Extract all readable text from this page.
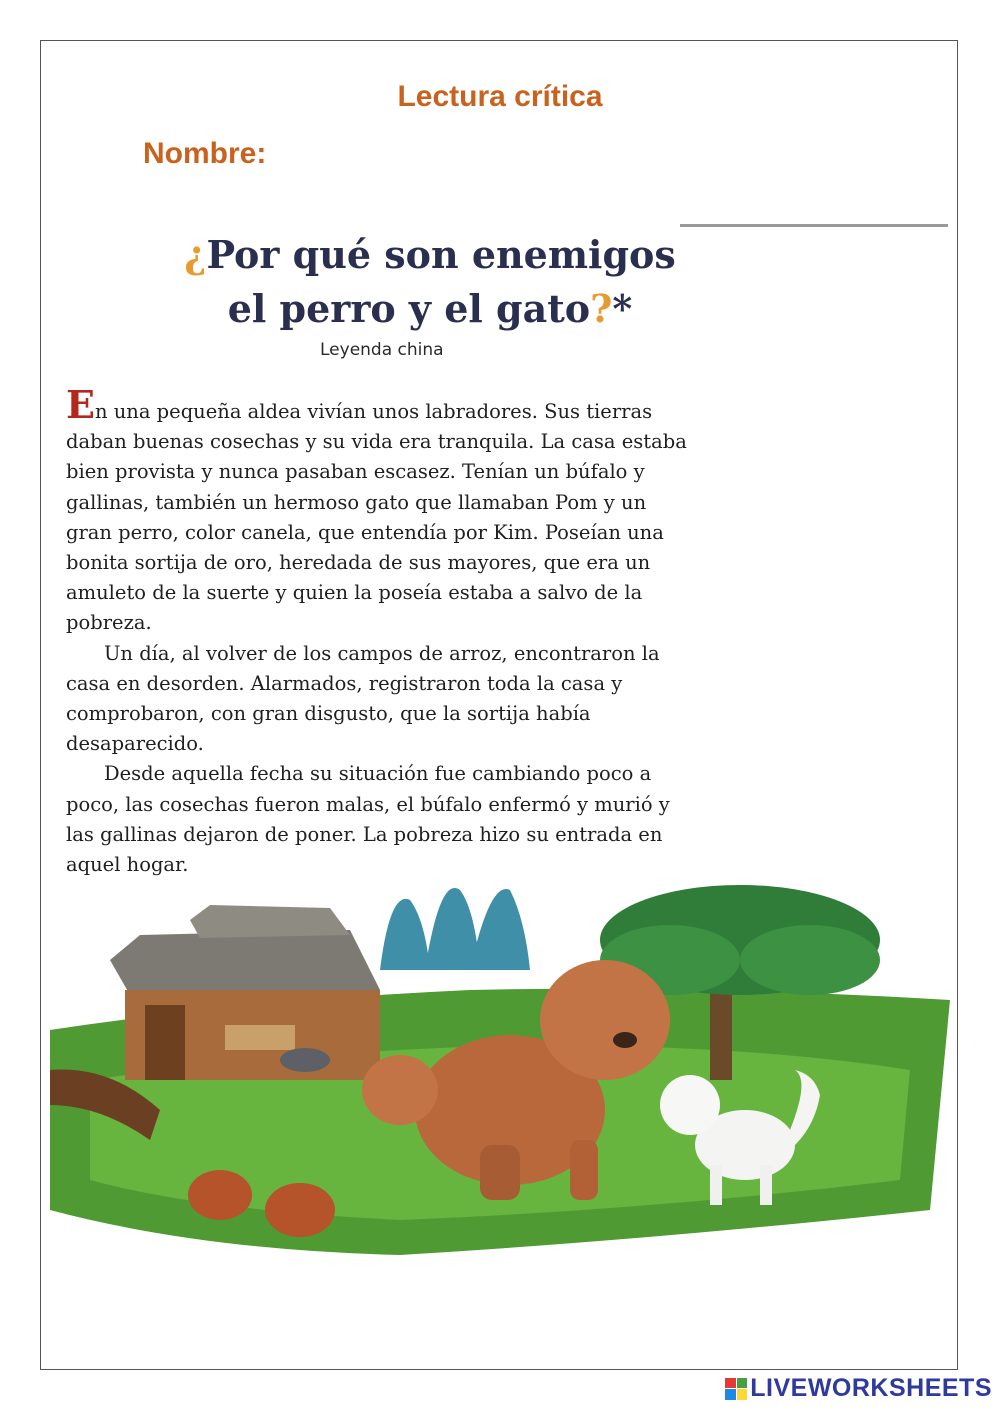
Lectura crítica
Nombre:
¿Por qué son enemigos
el perro y el gato?*
Leyenda china

En una pequeña aldea vivían unos labradores. Sus tierras daban buenas cosechas y su vida era tranquila. La casa estaba bien provista y nunca pasaban escasez. Tenían un búfalo y gallinas, también un hermoso gato que llamaban Pom y un gran perro, color canela, que entendía por Kim. Poseían una bonita sortija de oro, heredada de sus mayores, que era un amuleto de la suerte y quien la poseía estaba a salvo de la pobreza.

Un día, al volver de los campos de arroz, encontraron la casa en desorden. Alarmados, registraron toda la casa y comprobaron, con gran disgusto, que la sortija había desaparecido.

Desde aquella fecha su situación fue cambiando poco a poco, las cosechas fueron malas, el búfalo enfermó y murió y las gallinas dejaron de poner. La pobreza hizo su entrada en aquel hogar.

LIVEWORKSHEETS
